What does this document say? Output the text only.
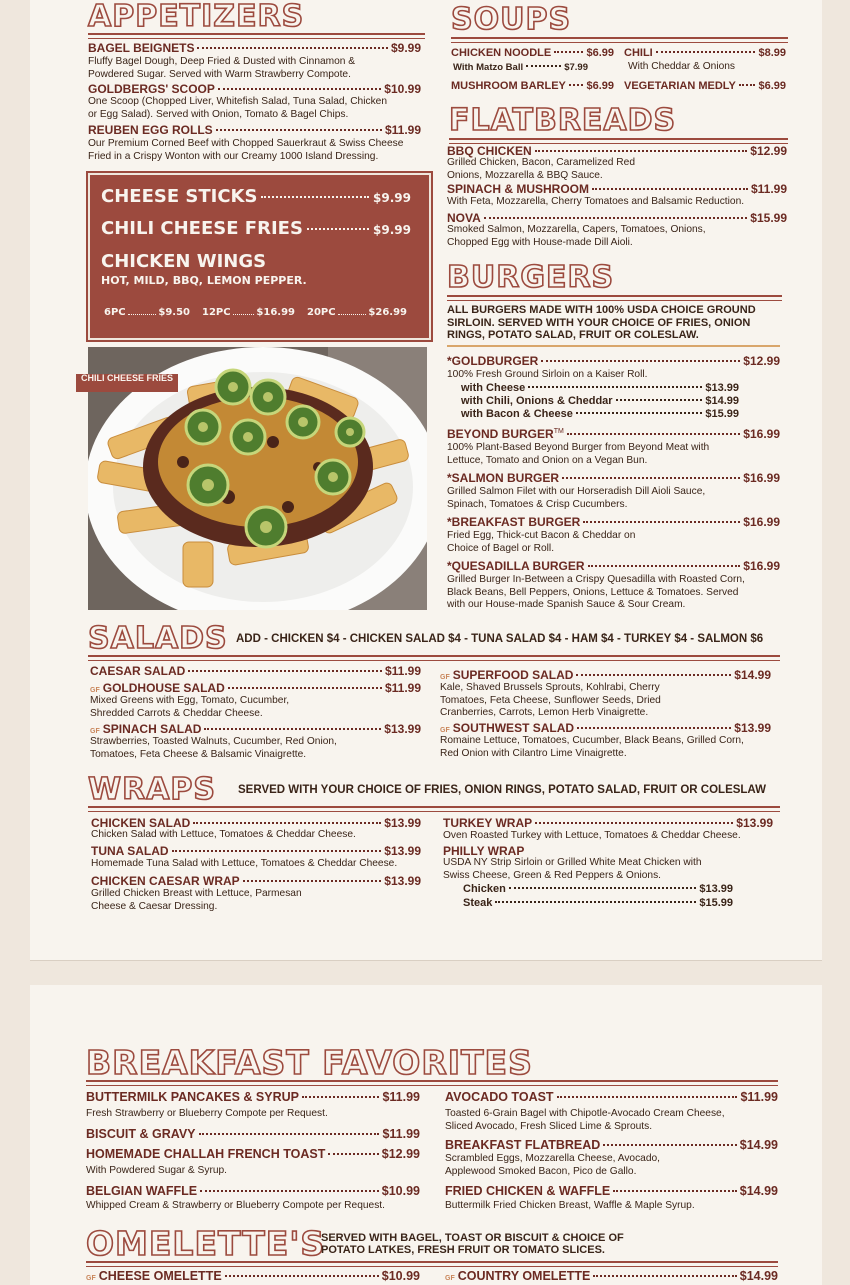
APPETIZERS
BAGEL BEIGNETS	$9.99
Fluffy Bagel Dough, Deep Fried & Dusted with Cinnamon & Powdered Sugar. Served with Warm Strawberry Compote.
GOLDBERGS' SCOOP	$10.99
One Scoop (Chopped Liver, Whitefish Salad, Tuna Salad, Chicken or Egg Salad). Served with Onion, Tomato & Bagel Chips.
REUBEN EGG ROLLS	$11.99
Our Premium Corned Beef with Chopped Sauerkraut & Swiss Cheese Fried in a Crispy Wonton with our Creamy 1000 Island Dressing.
CHEESE STICKS	$9.99
CHILI CHEESE FRIES	$9.99
CHICKEN WINGS
HOT, MILD, BBQ, LEMON PEPPER.
6PC	$9.50 12PC	$16.99 20PC	$26.99
CHILI CHEESE FRIES
SOUPS
CHICKEN NOODLE	$6.99
With Matzo Ball	$7.99
CHILI	$8.99
With Cheddar & Onions
MUSHROOM BARLEY $6.99 VEGETARIAN MEDLY $6.99
FLATBREADS
BBQ CHICKEN	$12.99
Grilled Chicken, Bacon, Caramelized Red Onions, Mozzarella & BBQ Sauce.
SPINACH & MUSHROOM	$11.99
With Feta, Mozzarella, Cherry Tomatoes and Balsamic Reduction.
NOVA	$15.99
Smoked Salmon, Mozzarella, Capers, Tomatoes, Onions, Chopped Egg with House-made Dill Aioli.
BURGERS
ALL BURGERS MADE WITH 100% USDA CHOICE GROUND SIRLOIN. SERVED WITH YOUR CHOICE OF FRIES, ONION RINGS, POTATO SALAD, FRUIT OR COLESLAW.
*GOLDBURGER	$12.99
100% Fresh Ground Sirloin on a Kaiser Roll.
with Cheese	$13.99
with Chili, Onions & Cheddar	$14.99
with Bacon & Cheese	$15.99
BEYOND BURGER™	$16.99
100% Plant-Based Beyond Burger from Beyond Meat with Lettuce, Tomato and Onion on a Vegan Bun.
*SALMON BURGER	$16.99
Grilled Salmon Filet with our Horseradish Dill Aioli Sauce, Spinach, Tomatoes & Crisp Cucumbers.
*BREAKFAST BURGER	$16.99
Fried Egg, Thick-cut Bacon & Cheddar on Choice of Bagel or Roll.
*QUESADILLA BURGER	$16.99
Grilled Burger In-Between a Crispy Quesadilla with Roasted Corn, Black Beans, Bell Peppers, Onions, Lettuce & Tomatoes. Served with our House-made Spanish Sauce & Sour Cream.
SALADS ADD - CHICKEN $4 - CHICKEN SALAD $4 - TUNA SALAD $4 - HAM $4 - TURKEY $4 - SALMON $6
CAESAR SALAD	$11.99
GF GOLDHOUSE SALAD	$11.99
Mixed Greens with Egg, Tomato, Cucumber, Shredded Carrots & Cheddar Cheese.
GF SPINACH SALAD	$13.99
Strawberries, Toasted Walnuts, Cucumber, Red Onion, Tomatoes, Feta Cheese & Balsamic Vinaigrette.
GF SUPERFOOD SALAD	$14.99
Kale, Shaved Brussels Sprouts, Kohlrabi, Cherry Tomatoes, Feta Cheese, Sunflower Seeds, Dried Cranberries, Carrots, Lemon Herb Vinaigrette.
GF SOUTHWEST SALAD	$13.99
Romaine Lettuce, Tomatoes, Cucumber, Black Beans, Grilled Corn, Red Onion with Cilantro Lime Vinaigrette.
WRAPS SERVED WITH YOUR CHOICE OF FRIES, ONION RINGS, POTATO SALAD, FRUIT OR COLESLAW
CHICKEN SALAD	$13.99
Chicken Salad with Lettuce, Tomatoes & Cheddar Cheese.
TUNA SALAD	$13.99
Homemade Tuna Salad with Lettuce, Tomatoes & Cheddar Cheese.
CHICKEN CAESAR WRAP	$13.99
Grilled Chicken Breast with Lettuce, Parmesan Cheese & Caesar Dressing.
TURKEY WRAP	$13.99
Oven Roasted Turkey with Lettuce, Tomatoes & Cheddar Cheese.
PHILLY WRAP
USDA NY Strip Sirloin or Grilled White Meat Chicken with Swiss Cheese, Green & Red Peppers & Onions.
Chicken	$13.99
Steak	$15.99
BREAKFAST FAVORITES
BUTTERMILK PANCAKES & SYRUP	$11.99
Fresh Strawberry or Blueberry Compote per Request.
BISCUIT & GRAVY	$11.99
HOMEMADE CHALLAH FRENCH TOAST	$12.99
With Powdered Sugar & Syrup.
BELGIAN WAFFLE	$10.99
Whipped Cream & Strawberry or Blueberry Compote per Request.
AVOCADO TOAST	$11.99
Toasted 6-Grain Bagel with Chipotle-Avocado Cream Cheese, Sliced Avocado, Fresh Sliced Lime & Sprouts.
BREAKFAST FLATBREAD	$14.99
Scrambled Eggs, Mozzarella Cheese, Avocado, Applewood Smoked Bacon, Pico de Gallo.
FRIED CHICKEN & WAFFLE	$14.99
Buttermilk Fried Chicken Breast, Waffle & Maple Syrup.
OMELETTE'S
SERVED WITH BAGEL, TOAST OR BISCUIT & CHOICE OF POTATO LATKES, FRESH FRUIT OR TOMATO SLICES.
GF CHEESE OMELETTE	$10.99	GF COUNTRY OMELETTE	$14.99
